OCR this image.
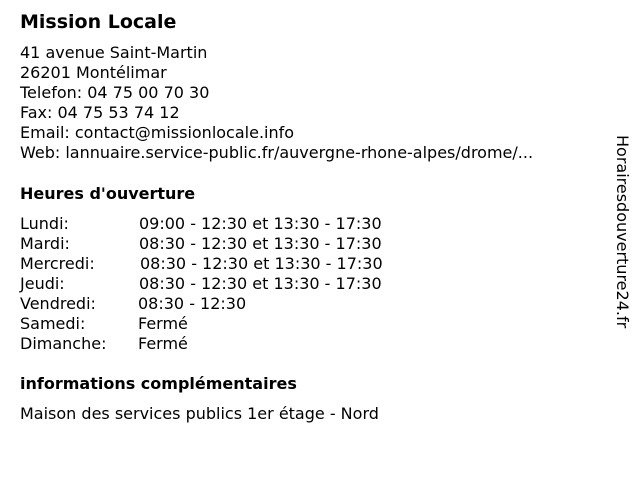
Mission Locale
41 avenue Saint-Martin
26201 Montélimar
Telefon: 04 75 00 70 30
Fax: 04 75 53 74 12
Email: contact@missionlocale.info
Web: lannuaire.service-public.fr/auvergne-rhone-alpes/drome/...
Heures d'ouverture
Lundi:	09:00 - 12:30 et 13:30 - 17:30
Mardi:	08:30 - 12:30 et 13:30 - 17:30
Mercredi:	08:30 - 12:30 et 13:30 - 17:30
Jeudi:	08:30 - 12:30 et 13:30 - 17:30
Vendredi:	08:30 - 12:30
Samedi:	Fermé
Dimanche: Fermé
informations complémentaires
Maison des services publics 1er étage - Nord
Horairesdouverture24.fr
